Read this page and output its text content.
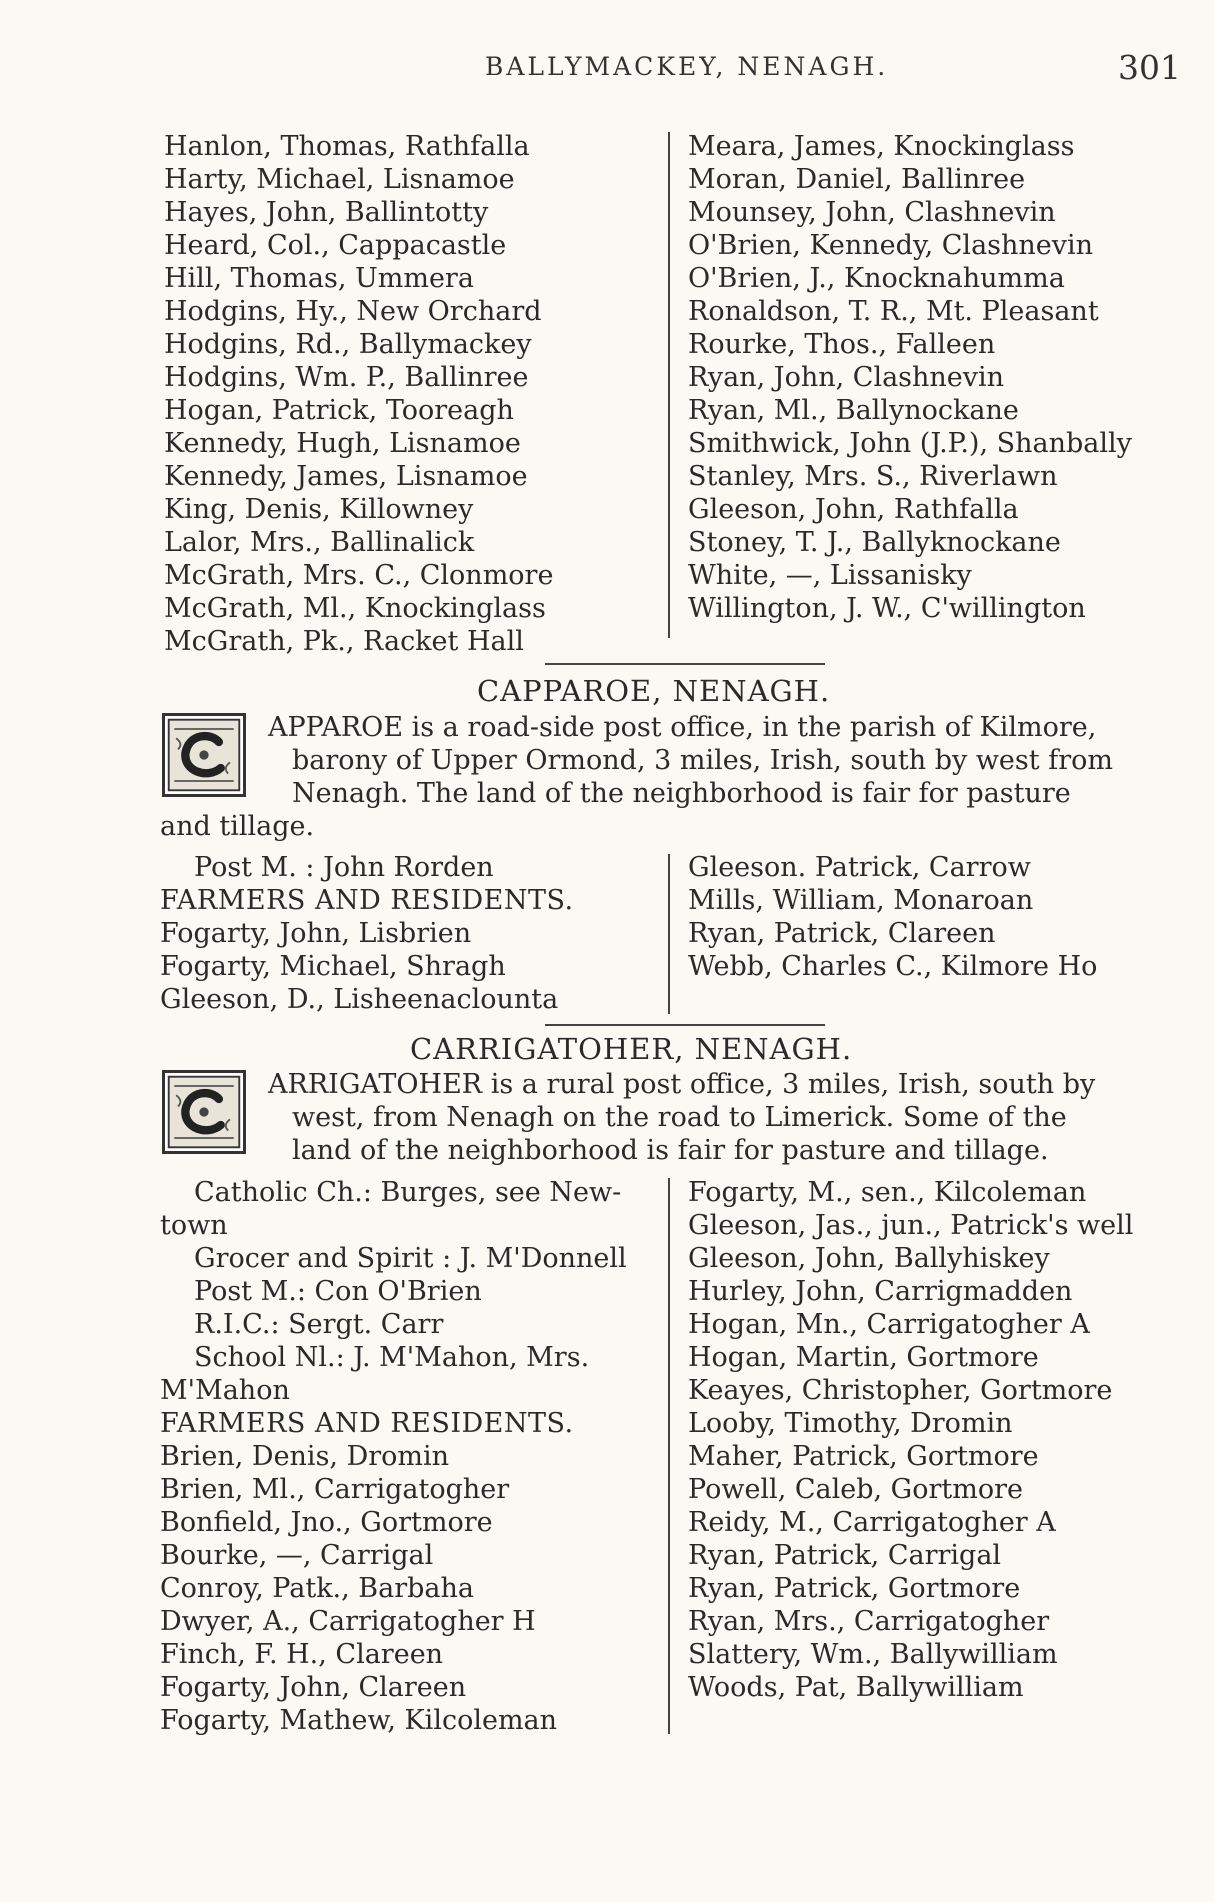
BALLYMACKEY, NENAGH.	301
Hanlon, Thomas, Rathfalla
Harty, Michael, Lisnamoe
Hayes, John, Ballintotty
Heard, Col., Cappacastle
Hill, Thomas, Ummera
Hodgins, Hy., New Orchard
Hodgins, Rd., Ballymackey
Hodgins, Wm. P., Ballinree
Hogan, Patrick, Tooreagh
Kennedy, Hugh, Lisnamoe
Kennedy, James, Lisnamoe
King, Denis, Killowney
Lalor, Mrs., Ballinalick
McGrath, Mrs. C., Clonmore
McGrath, Ml., Knockinglass
McGrath, Pk., Racket Hall
Meara, James, Knockinglass
Moran, Daniel, Ballinree
Mounsey, John, Clashnevin
O'Brien, Kennedy, Clashnevin
O'Brien, J., Knocknahumma
Ronaldson, T. R., Mt. Pleasant
Rourke, Thos., Falleen
Ryan, John, Clashnevin
Ryan, Ml., Ballynockane
Smithwick, John (J.P.), Shanbally
Stanley, Mrs. S., Riverlawn
Gleeson, John, Rathfalla
Stoney, T. J., Ballyknockane
White, —, Lissanisky
Willington, J. W., C'willington
CAPPAROE, NENAGH.
APPAROE is a road-side post office, in the parish of Kilmore,
barony of Upper Ormond, 3 miles, Irish, south by west from
Nenagh. The land of the neighborhood is fair for pasture
and tillage.
Post M. : John Rorden
FARMERS AND RESIDENTS.
Fogarty, John, Lisbrien
Fogarty, Michael, Shragh
Gleeson, D., Lisheenaclounta
Gleeson. Patrick, Carrow
Mills, William, Monaroan
Ryan, Patrick, Clareen
Webb, Charles C., Kilmore Ho
CARRIGATOHER, NENAGH.
ARRIGATOHER is a rural post office, 3 miles, Irish, south by
west, from Nenagh on the road to Limerick. Some of the
land of the neighborhood is fair for pasture and tillage.
Catholic Ch.: Burges, see New-
town
Grocer and Spirit : J. M'Donnell
Post M.: Con O'Brien
R.I.C.: Sergt. Carr
School Nl.: J. M'Mahon, Mrs.
M'Mahon
FARMERS AND RESIDENTS.
Brien, Denis, Dromin
Brien, Ml., Carrigatogher
Bonfield, Jno., Gortmore
Bourke, —, Carrigal
Conroy, Patk., Barbaha
Dwyer, A., Carrigatogher H
Finch, F. H., Clareen
Fogarty, John, Clareen
Fogarty, Mathew, Kilcoleman
Fogarty, M., sen., Kilcoleman
Gleeson, Jas., jun., Patrick's well
Gleeson, John, Ballyhiskey
Hurley, John, Carrigmadden
Hogan, Mn., Carrigatogher A
Hogan, Martin, Gortmore
Keayes, Christopher, Gortmore
Looby, Timothy, Dromin
Maher, Patrick, Gortmore
Powell, Caleb, Gortmore
Reidy, M., Carrigatogher A
Ryan, Patrick, Carrigal
Ryan, Patrick, Gortmore
Ryan, Mrs., Carrigatogher
Slattery, Wm., Ballywilliam
Woods, Pat, Ballywilliam
